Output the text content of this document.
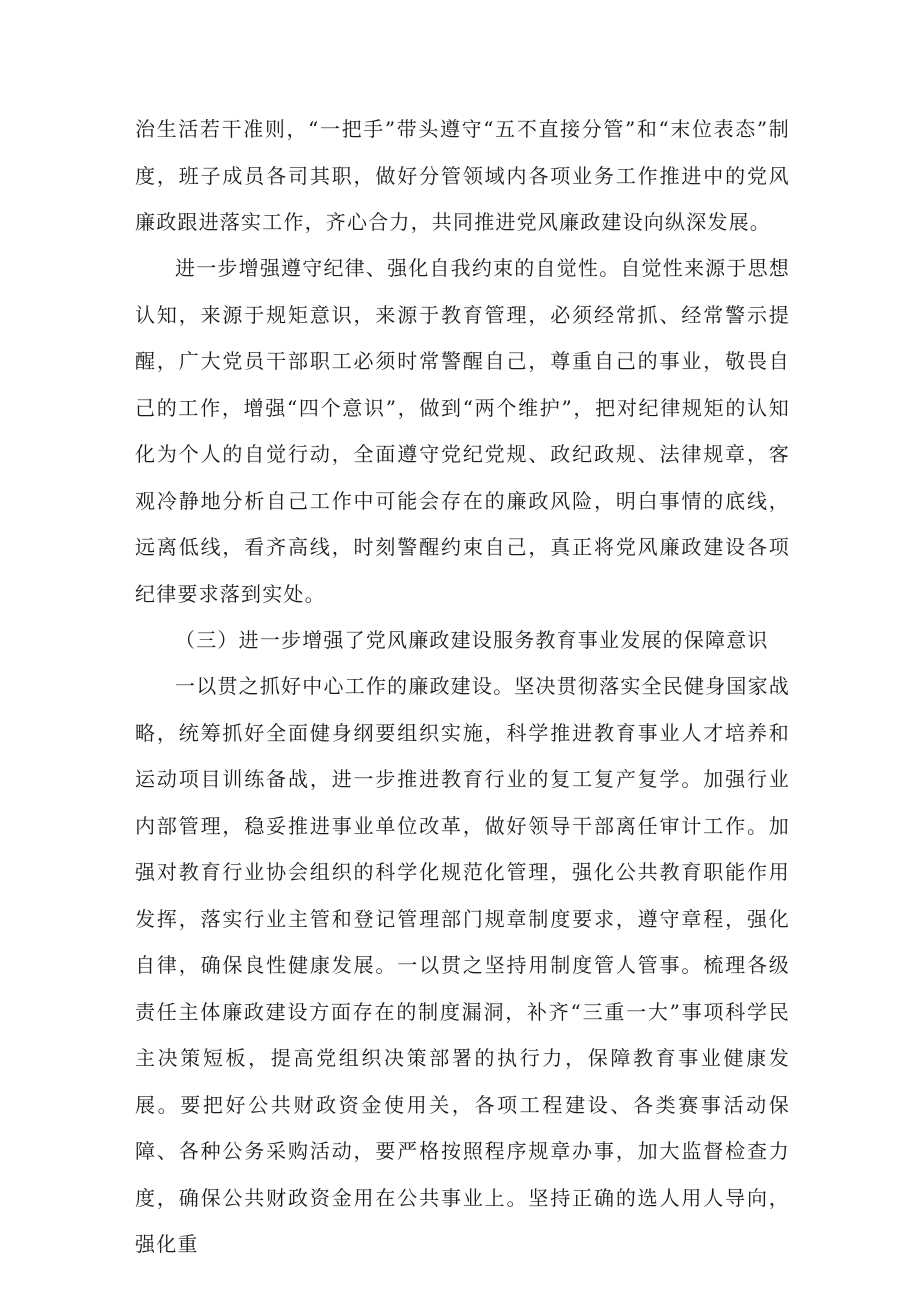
治生活若干准则，“一把手”带头遵守“五不直接分管”和“末位表态”制度，班子成员各司其职，做好分管领域内各项业务工作推进中的党风廉政跟进落实工作，齐心合力，共同推进党风廉政建设向纵深发展。

进一步增强遵守纪律、强化自我约束的自觉性。自觉性来源于思想认知，来源于规矩意识，来源于教育管理，必须经常抓、经常警示提醒，广大党员干部职工必须时常警醒自己，尊重自己的事业，敬畏自己的工作，增强“四个意识”，做到“两个维护”，把对纪律规矩的认知化为个人的自觉行动，全面遵守党纪党规、政纪政规、法律规章，客观冷静地分析自己工作中可能会存在的廉政风险，明白事情的底线，远离低线，看齐高线，时刻警醒约束自己，真正将党风廉政建设各项纪律要求落到实处。

（三）进一步增强了党风廉政建设服务教育事业发展的保障意识

一以贯之抓好中心工作的廉政建设。坚决贯彻落实全民健身国家战略，统筹抓好全面健身纲要组织实施，科学推进教育事业人才培养和运动项目训练备战，进一步推进教育行业的复工复产复学。加强行业内部管理，稳妥推进事业单位改革，做好领导干部离任审计工作。加强对教育行业协会组织的科学化规范化管理，强化公共教育职能作用发挥，落实行业主管和登记管理部门规章制度要求，遵守章程，强化自律，确保良性健康发展。一以贯之坚持用制度管人管事。梳理各级责任主体廉政建设方面存在的制度漏洞，补齐“三重一大”事项科学民主决策短板，提高党组织决策部署的执行力，保障教育事业健康发展。要把好公共财政资金使用关，各项工程建设、各类赛事活动保障、各种公务采购活动，要严格按照程序规章办事，加大监督检查力度，确保公共财政资金用在公共事业上。坚持正确的选人用人导向，强化重
